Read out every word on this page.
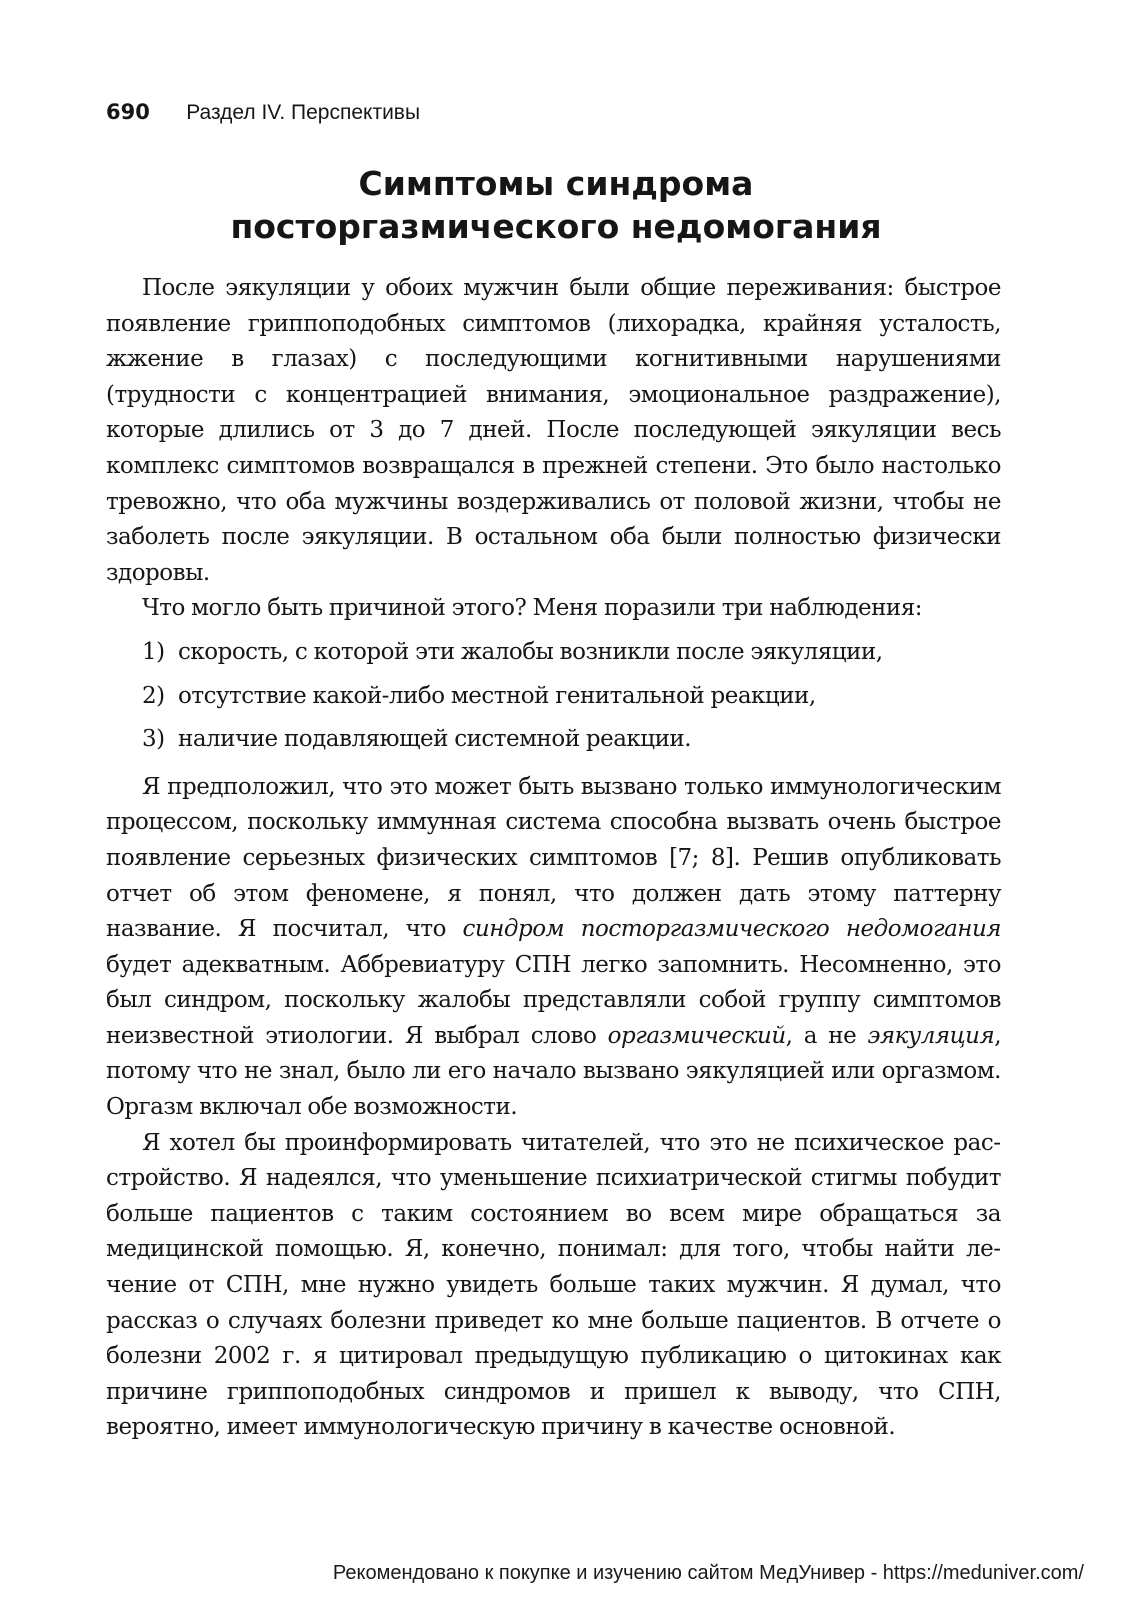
690 Раздел IV. Перспективы
Симптомы синдрома
посторгазмического недомогания

После эякуляции у обоих мужчин были общие переживания: быстрое появление гриппоподобных симптомов (лихорадка, крайняя усталость, жжение в глазах) с последующими когнитивными нарушениями (трудности с концентрацией внимания, эмоциональное раздражение), которые длились от 3 до 7 дней. После последующей эякуляции весь комплекс симптомов возвращался в прежней степени. Это было настолько тревожно, что оба мужчины воздерживались от половой жизни, чтобы не заболеть после эякуляции. В остальном оба были полностью физически здоровы.

Что могло быть причиной этого? Меня поразили три наблюдения:

1) скорость, с которой эти жалобы возникли после эякуляции,
2) отсутствие какой-либо местной генитальной реакции,
3) наличие подавляющей системной реакции.

Я предположил, что это может быть вызвано только иммунологическим процессом, поскольку иммунная система способна вызвать очень быстрое появление серьезных физических симптомов [7; 8]. Решив опубликовать отчет об этом феномене, я понял, что должен дать этому паттерну название. Я посчитал, что синдром посторгазмического недомогания будет адекватным. Аббревиатуру СПН легко запомнить. Несомненно, это был синдром, поскольку жалобы представляли собой группу симптомов неизвестной этиологии. Я выбрал слово оргазмический, а не эякуляция, потому что не знал, было ли его начало вызвано эякуляцией или оргазмом. Оргазм включал обе возможности.

Я хотел бы проинформировать читателей, что это не психическое расстройство. Я надеялся, что уменьшение психиатрической стигмы побудит больше пациентов с таким состоянием во всем мире обращаться за медицинской помощью. Я, конечно, понимал: для того, чтобы найти лечение от СПН, мне нужно увидеть больше таких мужчин. Я думал, что рассказ о случаях болезни приведет ко мне больше пациентов. В отчете о болезни 2002 г. я цитировал предыдущую публикацию о цитокинах как причине гриппоподобных синдромов и пришел к выводу, что СПН, вероятно, имеет иммунологическую причину в качестве основной.

Рекомендовано к покупке и изучению сайтом МедУнивер - https://meduniver.com/
